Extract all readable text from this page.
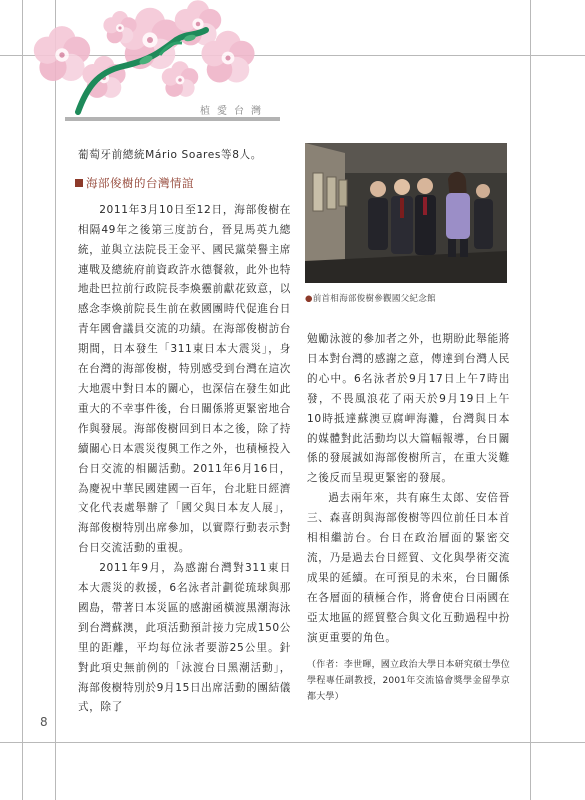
植愛台灣

葡萄牙前總統Mário Soares等8人。

海部俊樹的台灣情誼

2011年3月10日至12日，海部俊樹在相隔49年之後第三度訪台，晉見馬英九總統，並與立法院長王金平、國民黨榮譽主席連戰及總統府前資政許水德餐敘，此外也特地赴巴拉前行政院長李煥靈前獻花致意，以感念李煥前院長生前在救國團時代促進台日青年國會議員交流的功績。在海部俊樹訪台期間，日本發生「311東日本大震災」，身在台灣的海部俊樹，特別感受到台灣在這次大地震中對日本的關心，也深信在發生如此重大的不幸事件後，台日關係將更緊密地合作與發展。海部俊樹回到日本之後，除了持續關心日本震災復興工作之外，也積極投入台日交流的相關活動。2011年6月16日，為慶祝中華民國建國一百年，台北駐日經濟文化代表處舉辦了「國父與日本友人展」，海部俊樹特別出席參加，以實際行動表示對台日交流活動的重視。

2011年9月，為感謝台灣對311東日本大震災的救援，6名泳者計劃從琉球與那國島，帶著日本災區的感謝函橫渡黑潮海泳到台灣蘇澳，此項活動預計接力完成150公里的距離，平均每位泳者要游25公里。針對此項史無前例的「泳渡台日黑潮活動」，海部俊樹特別於9月15日出席活動的團結儀式，除了

●前首相海部俊樹參觀國父紀念館

勉勵泳渡的參加者之外，也期盼此舉能將日本對台灣的感謝之意，傳達到台灣人民的心中。6名泳者於9月17日上午7時出發，不畏風浪花了兩天於9月19日上午10時抵達蘇澳豆腐岬海灘，台灣與日本的媒體對此活動均以大篇幅報導，台日關係的發展誠如海部俊樹所言，在重大災難之後反而呈現更緊密的發展。

過去兩年來，共有麻生太郎、安倍晉三、森喜朗與海部俊樹等四位前任日本首相相繼訪台。台日在政治層面的緊密交流，乃是過去台日經貿、文化與學術交流成果的延續。在可預見的未來，台日關係在各層面的積極合作，將會使台日兩國在亞太地區的經貿整合與文化互動過程中扮演更重要的角色。

（作者：李世暉，國立政治大學日本研究碩士學位學程專任副教授，2001年交流協會獎學金留學京都大學）

8
